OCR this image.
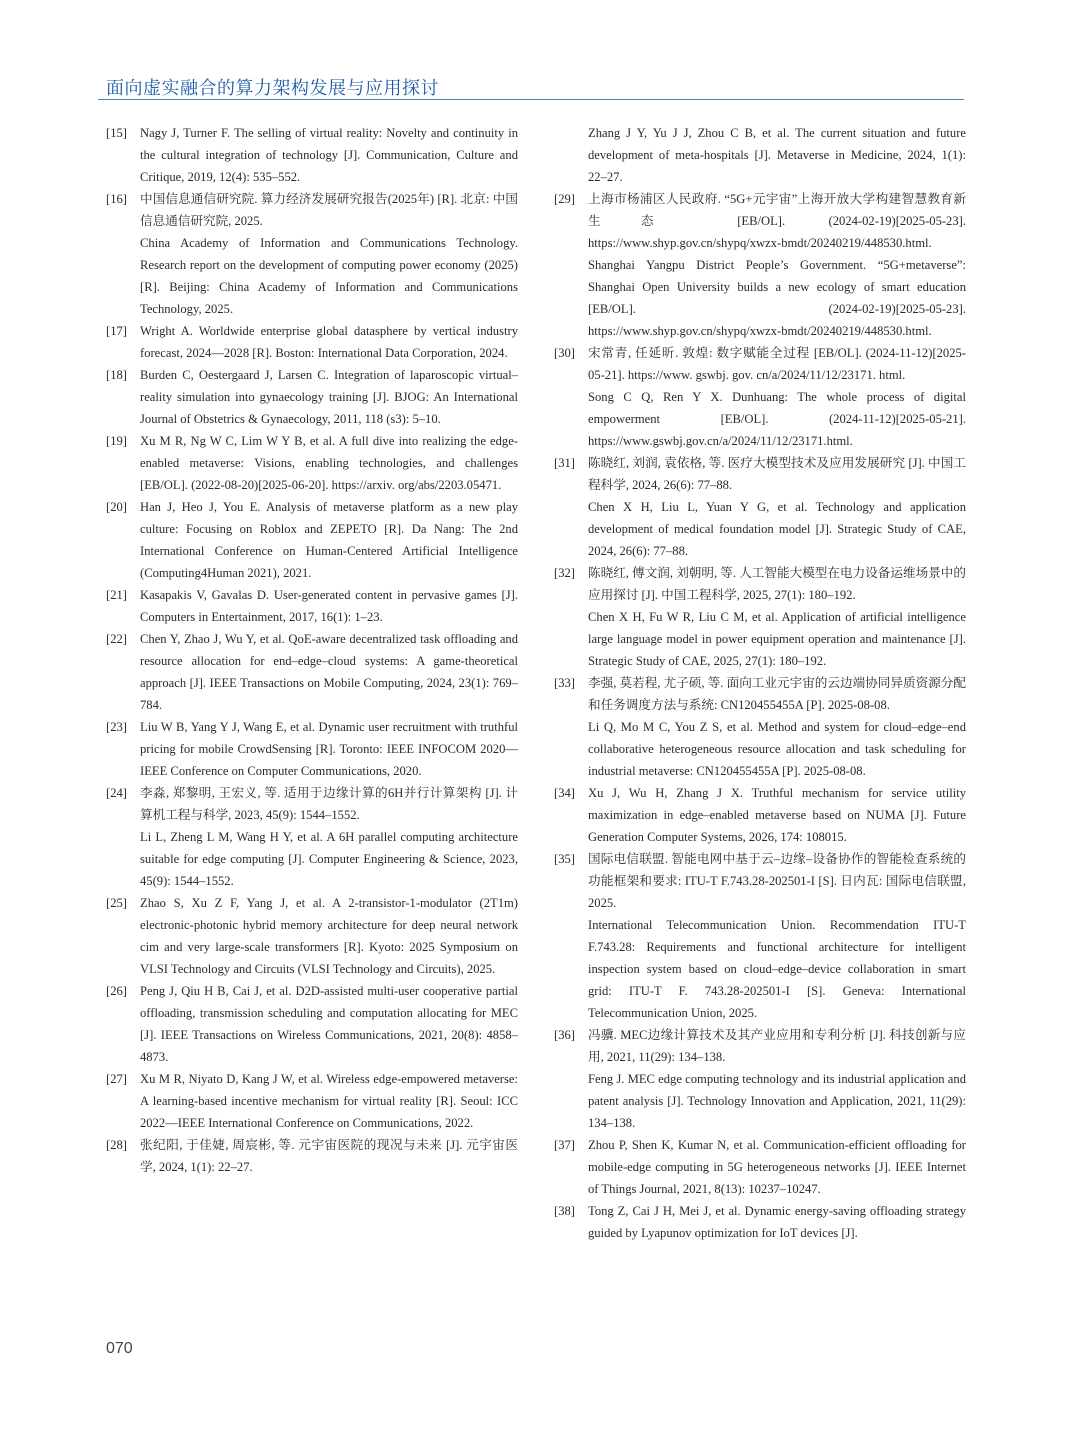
面向虚实融合的算力架构发展与应用探讨
[15]	Nagy J, Turner F. The selling of virtual reality: Novelty and continuity in the cultural integration of technology [J]. Communication, Culture and Critique, 2019, 12(4): 535–552.
[16]	中国信息通信研究院. 算力经济发展研究报告(2025年) [R]. 北京: 中国信息通信研究院, 2025.
China Academy of Information and Communications Technology. Research report on the development of computing power economy (2025) [R]. Beijing: China Academy of Information and Communications Technology, 2025.
[17]	Wright A. Worldwide enterprise global datasphere by vertical industry forecast, 2024—2028 [R]. Boston: International Data Corporation, 2024.
[18]	Burden C, Oestergaard J, Larsen C. Integration of laparoscopic virtual–reality simulation into gynaecology training [J]. BJOG: An International Journal of Obstetrics & Gynaecology, 2011, 118 (s3): 5–10.
[19]	Xu M R, Ng W C, Lim W Y B, et al. A full dive into realizing the edge-enabled metaverse: Visions, enabling technologies, and challenges [EB/OL]. (2022-08-20)[2025-06-20]. https://arxiv. org/abs/2203.05471.
[20]	Han J, Heo J, You E. Analysis of metaverse platform as a new play culture: Focusing on Roblox and ZEPETO [R]. Da Nang: The 2nd International Conference on Human-Centered Artificial Intelligence (Computing4Human 2021), 2021.
[21]	Kasapakis V, Gavalas D. User-generated content in pervasive games [J]. Computers in Entertainment, 2017, 16(1): 1–23.
[22]	Chen Y, Zhao J, Wu Y, et al. QoE-aware decentralized task offloading and resource allocation for end–edge–cloud systems: A game-theoretical approach [J]. IEEE Transactions on Mobile Computing, 2024, 23(1): 769–784.
[23]	Liu W B, Yang Y J, Wang E, et al. Dynamic user recruitment with truthful pricing for mobile CrowdSensing [R]. Toronto: IEEE INFOCOM 2020—IEEE Conference on Computer Communications, 2020.
[24]	李淼, 郑黎明, 王宏义, 等. 适用于边缘计算的6H并行计算架构 [J]. 计算机工程与科学, 2023, 45(9): 1544–1552.
Li L, Zheng L M, Wang H Y, et al. A 6H parallel computing architecture suitable for edge computing [J]. Computer Engineering & Science, 2023, 45(9): 1544–1552.
[25]	Zhao S, Xu Z F, Yang J, et al. A 2-transistor-1-modulator (2T1m) electronic-photonic hybrid memory architecture for deep neural network cim and very large-scale transformers [R]. Kyoto: 2025 Symposium on VLSI Technology and Circuits (VLSI Technology and Circuits), 2025.
[26]	Peng J, Qiu H B, Cai J, et al. D2D-assisted multi-user cooperative partial offloading, transmission scheduling and computation allocating for MEC [J]. IEEE Transactions on Wireless Communications, 2021, 20(8): 4858–4873.
[27]	Xu M R, Niyato D, Kang J W, et al. Wireless edge-empowered metaverse: A learning-based incentive mechanism for virtual reality [R]. Seoul: ICC 2022—IEEE International Conference on Communications, 2022.
[28]	张纪阳, 于佳婕, 周宸彬, 等. 元宇宙医院的现况与未来 [J]. 元宇宙医学, 2024, 1(1): 22–27.
Zhang J Y, Yu J J, Zhou C B, et al. The current situation and future development of meta-hospitals [J]. Metaverse in Medicine, 2024, 1(1): 22–27.
[29]	上海市杨浦区人民政府. “5G+元宇宙”上海开放大学构建智慧教育新生态 [EB/OL]. (2024-02-19)[2025-05-23]. https://www.shyp.gov.cn/shypq/xwzx-bmdt/20240219/448530.html.
Shanghai Yangpu District People’s Government. “5G+metaverse”: Shanghai Open University builds a new ecology of smart education [EB/OL]. (2024-02-19)[2025-05-23]. https://www.shyp.gov.cn/shypq/xwzx-bmdt/20240219/448530.html.
[30]	宋常青, 任延昕. 敦煌: 数字赋能全过程 [EB/OL]. (2024-11-12)[2025-05-21]. https://www. gswbj. gov. cn/a/2024/11/12/23171. html.
Song C Q, Ren Y X. Dunhuang: The whole process of digital empowerment [EB/OL]. (2024-11-12)[2025-05-21]. https://www.gswbj.gov.cn/a/2024/11/12/23171.html.
[31]	陈晓红, 刘润, 袁依格, 等. 医疗大模型技术及应用发展研究 [J]. 中国工程科学, 2024, 26(6): 77–88.
Chen X H, Liu L, Yuan Y G, et al. Technology and application development of medical foundation model [J]. Strategic Study of CAE, 2024, 26(6): 77–88.
[32]	陈晓红, 傅文润, 刘朝明, 等. 人工智能大模型在电力设备运维场景中的应用探讨 [J]. 中国工程科学, 2025, 27(1): 180–192.
Chen X H, Fu W R, Liu C M, et al. Application of artificial intelligence large language model in power equipment operation and maintenance [J]. Strategic Study of CAE, 2025, 27(1): 180–192.
[33]	李强, 莫若程, 尤子硕, 等. 面向工业元宇宙的云边端协同异质资源分配和任务调度方法与系统: CN120455455A [P]. 2025-08-08.
Li Q, Mo M C, You Z S, et al. Method and system for cloud–edge–end collaborative heterogeneous resource allocation and task scheduling for industrial metaverse: CN120455455A [P]. 2025-08-08.
[34]	Xu J, Wu H, Zhang J X. Truthful mechanism for service utility maximization in edge–enabled metaverse based on NUMA [J]. Future Generation Computer Systems, 2026, 174: 108015.
[35]	国际电信联盟. 智能电网中基于云–边缘–设备协作的智能检查系统的功能框架和要求: ITU-T F.743.28-202501-I [S]. 日内瓦: 国际电信联盟, 2025.
International Telecommunication Union. Recommendation ITU-T F.743.28: Requirements and functional architecture for intelligent inspection system based on cloud–edge–device collaboration in smart grid: ITU-T F. 743.28-202501-I [S]. Geneva: International Telecommunication Union, 2025.
[36]	冯骥. MEC边缘计算技术及其产业应用和专利分析 [J]. 科技创新与应用, 2021, 11(29): 134–138.
Feng J. MEC edge computing technology and its industrial application and patent analysis [J]. Technology Innovation and Application, 2021, 11(29): 134–138.
[37]	Zhou P, Shen K, Kumar N, et al. Communication-efficient offloading for mobile-edge computing in 5G heterogeneous networks [J]. IEEE Internet of Things Journal, 2021, 8(13): 10237–10247.
[38]	Tong Z, Cai J H, Mei J, et al. Dynamic energy-saving offloading strategy guided by Lyapunov optimization for IoT devices [J].
070
